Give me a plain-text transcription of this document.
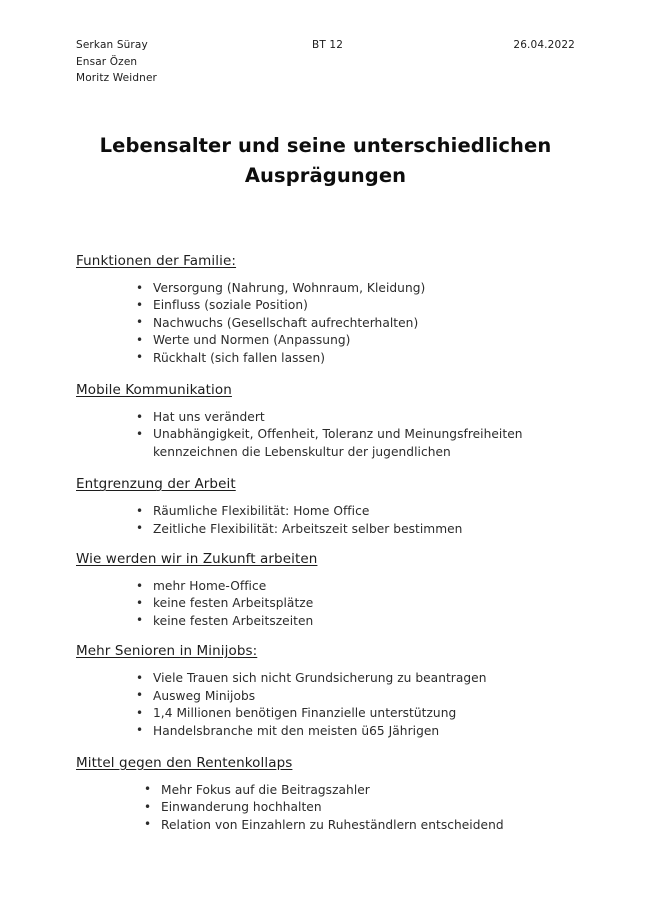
Serkan Süray	BT 12	26.04.2022
Ensar Özen
Moritz Weidner
Lebensalter und seine unterschiedlichen Ausprägungen
Funktionen der Familie:
• Versorgung (Nahrung, Wohnraum, Kleidung)
• Einfluss (soziale Position)
• Nachwuchs (Gesellschaft aufrechterhalten)
• Werte und Normen (Anpassung)
• Rückhalt (sich fallen lassen)
Mobile Kommunikation
• Hat uns verändert
• Unabhängigkeit, Offenheit, Toleranz und Meinungsfreiheiten kennzeichnen die Lebenskultur der jugendlichen
Entgrenzung der Arbeit
• Räumliche Flexibilität: Home Office
• Zeitliche Flexibilität: Arbeitszeit selber bestimmen
Wie werden wir in Zukunft arbeiten
• mehr Home-Office
• keine festen Arbeitsplätze
• keine festen Arbeitszeiten
Mehr Senioren in Minijobs:
• Viele Trauen sich nicht Grundsicherung zu beantragen
• Ausweg Minijobs
• 1,4 Millionen benötigen Finanzielle unterstützung
• Handelsbranche mit den meisten ü65 Jährigen
Mittel gegen den Rentenkollaps
• Mehr Fokus auf die Beitragszahler
• Einwanderung hochhalten
• Relation von Einzahlern zu Ruheständlern entscheidend
